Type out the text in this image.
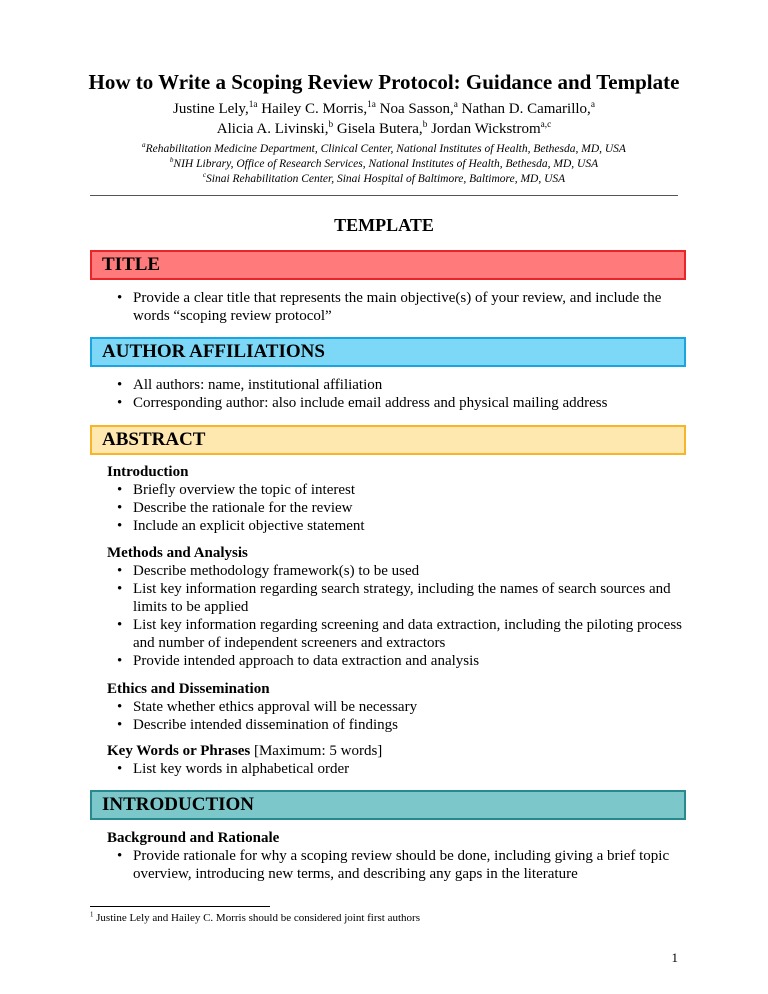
How to Write a Scoping Review Protocol: Guidance and Template
Justine Lely,$^{1a}$ Hailey C. Morris,$^{1a}$ Noa Sasson,$^a$ Nathan D. Camarillo,$^a$
Alicia A. Livinski,$^b$ Gisela Butera,$^b$ Jordan Wickstrom$^{a,c}$
$^a$Rehabilitation Medicine Department, Clinical Center, National Institutes of Health, Bethesda, MD, USA
$^b$NIH Library, Office of Research Services, National Institutes of Health, Bethesda, MD, USA
$^c$Sinai Rehabilitation Center, Sinai Hospital of Baltimore, Baltimore, MD, USA
TEMPLATE
TITLE
• Provide a clear title that represents the main objective(s) of your review, and include the words “scoping review protocol”
AUTHOR AFFILIATIONS
• All authors: name, institutional affiliation
• Corresponding author: also include email address and physical mailing address
ABSTRACT
Introduction
• Briefly overview the topic of interest
• Describe the rationale for the review
• Include an explicit objective statement
Methods and Analysis
• Describe methodology framework(s) to be used
• List key information regarding search strategy, including the names of search sources and limits to be applied
• List key information regarding screening and data extraction, including the piloting process and number of independent screeners and extractors
• Provide intended approach to data extraction and analysis
Ethics and Dissemination
• State whether ethics approval will be necessary
• Describe intended dissemination of findings
Key Words or Phrases [Maximum: 5 words]
• List key words in alphabetical order
INTRODUCTION
Background and Rationale
• Provide rationale for why a scoping review should be done, including giving a brief topic overview, introducing new terms, and describing any gaps in the literature
$^1$ Justine Lely and Hailey C. Morris should be considered joint first authors
1
